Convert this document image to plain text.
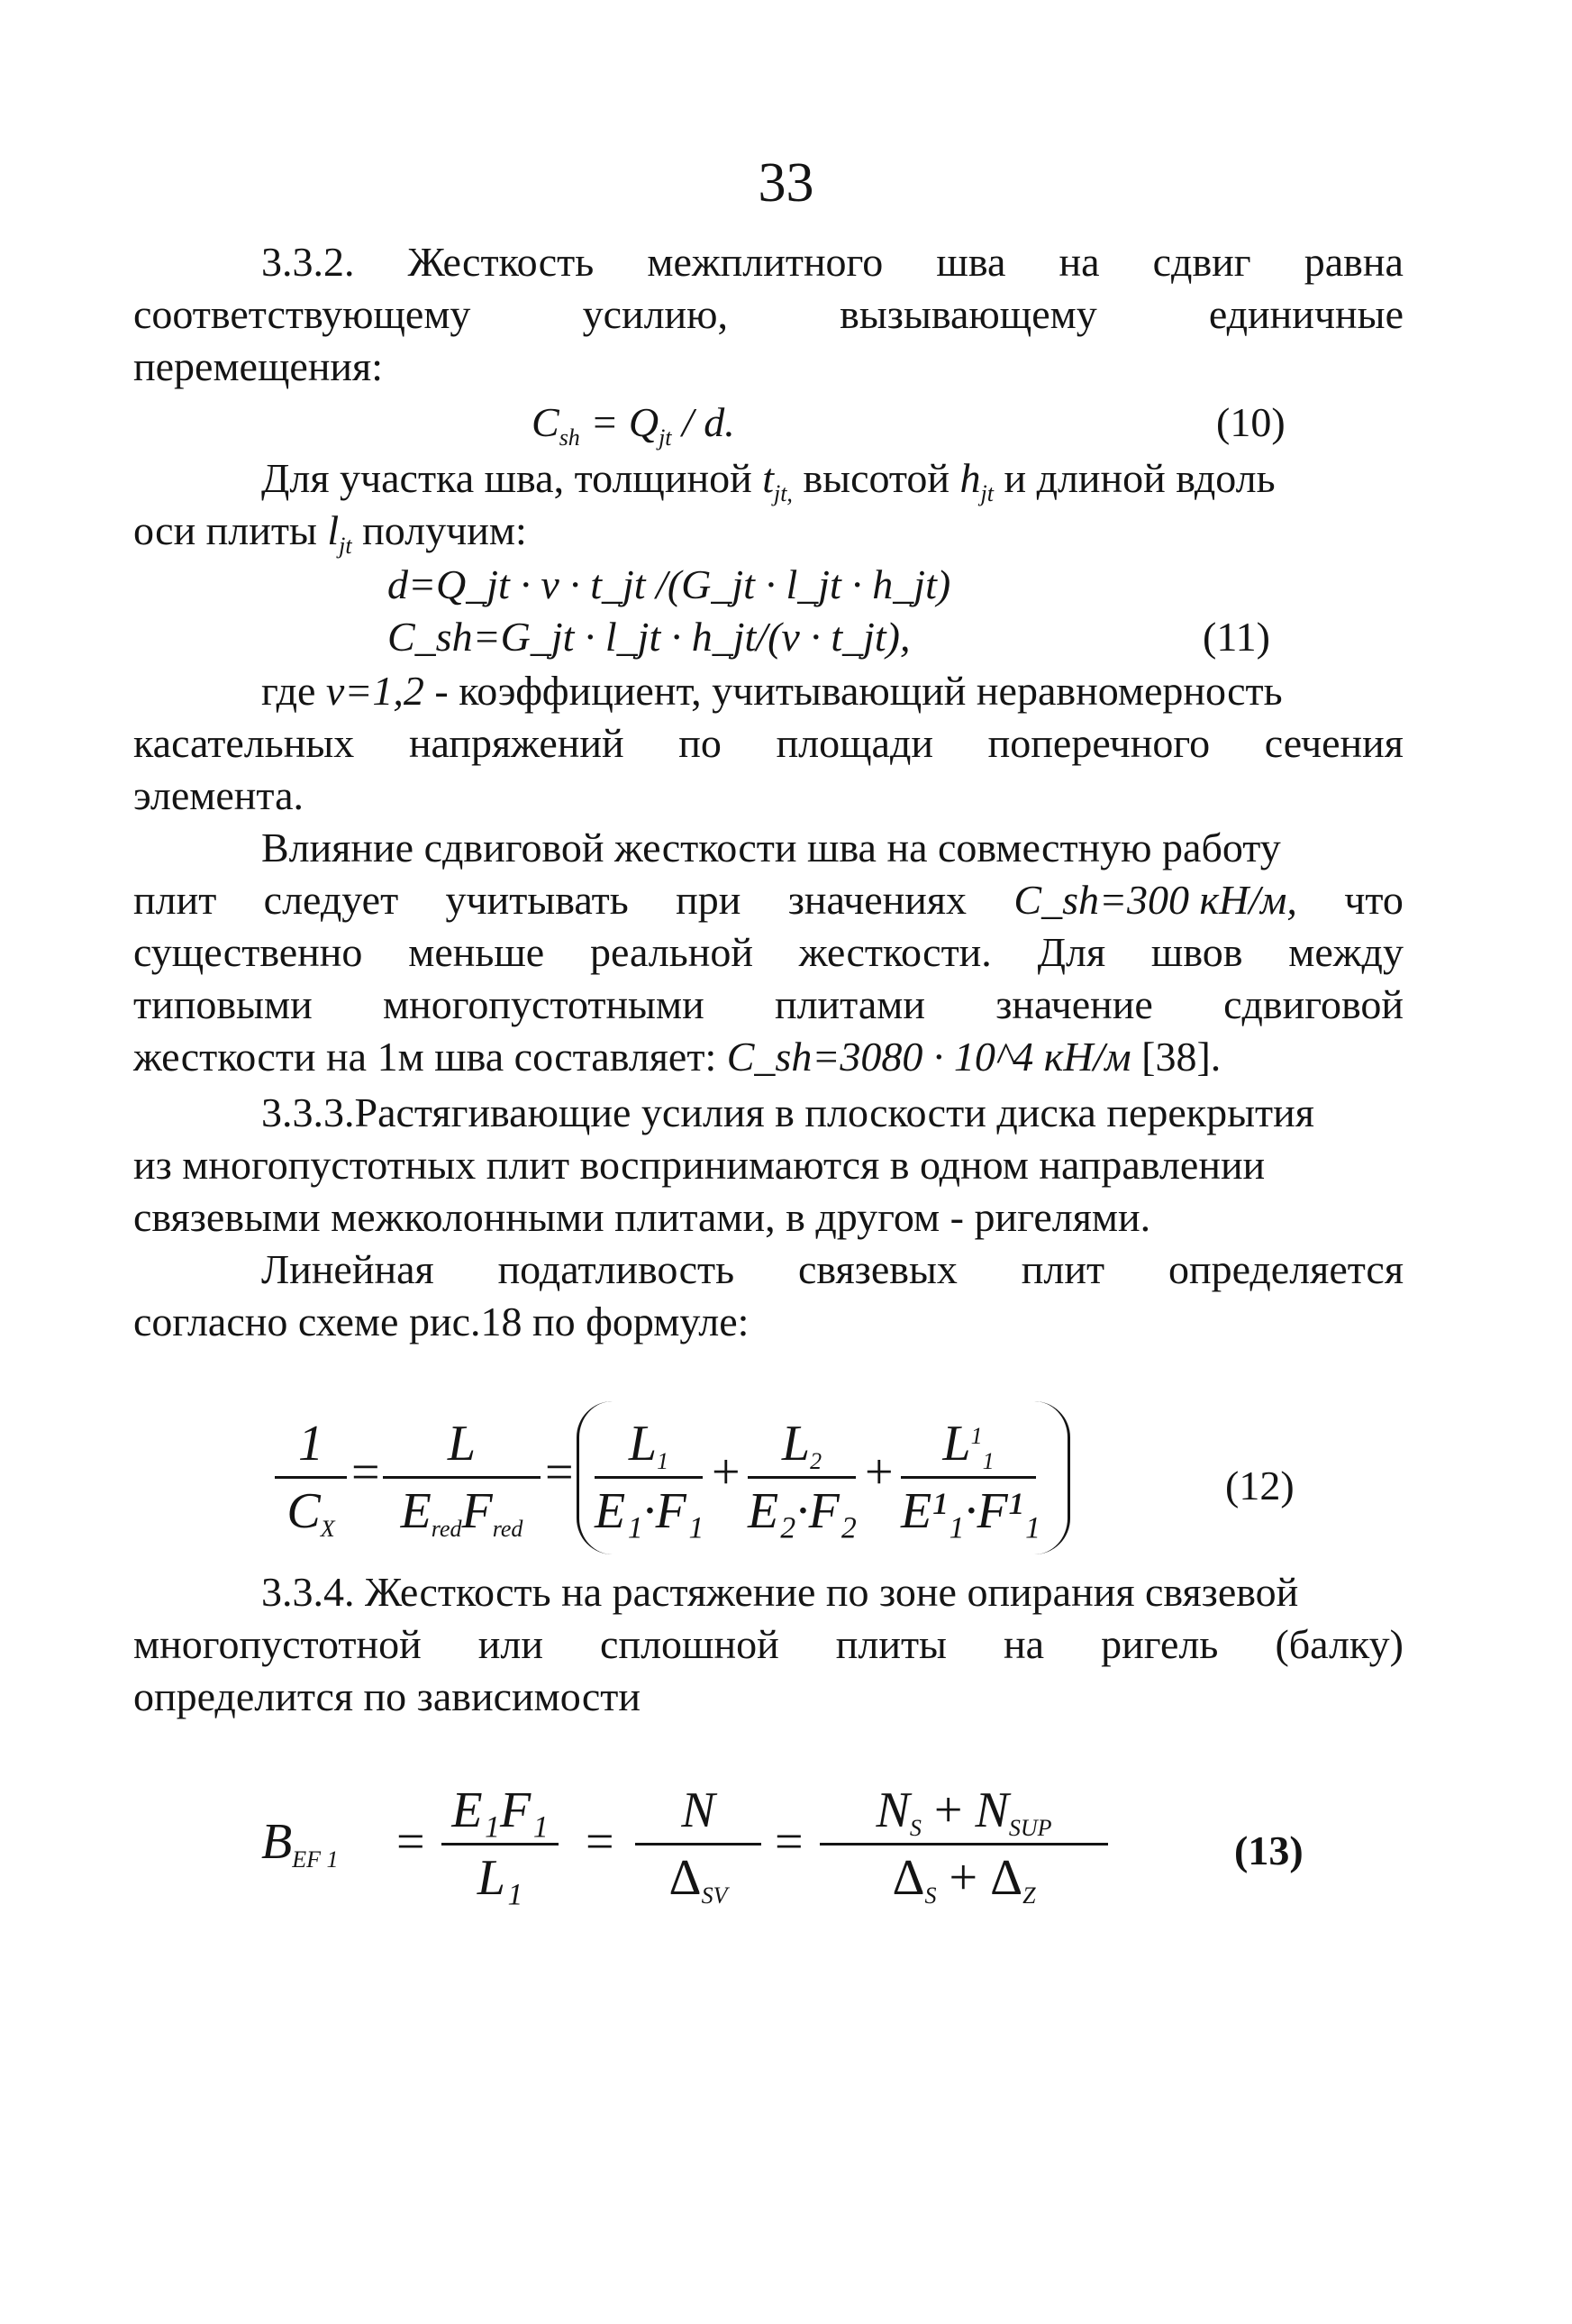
33
3.3.2. Жесткость межплитного шва на сдвиг равна
соответствующему	усилию,	вызывающему	единичные
перемещения:
$C_{sh} = Q_{jt} / d$.	(10)
Для участка шва, толщиной $t_{jt,}$ высотой $h_{jt}$ и длиной вдоль
оси плиты $l_{jt}$ получим:
d=Q_jt · v · t_jt /(G_jt · l_jt · h_jt)
C_sh=G_jt · l_jt · h_jt/(v · t_jt),	(11)
где v=1,2 - коэффициент, учитывающий неравномерность
касательных напряжений по площади поперечного сечения
элемента.
Влияние сдвиговой жесткости шва на совместную работу
плит следует учитывать при значениях C_sh=300 кН/м, что
существенно меньше реальной жесткости. Для швов между
типовыми многопустотными плитами значение сдвиговой
жесткости на 1м шва составляет: C_sh=3080 · 10^4 кН/м [38].
3.3.3.Растягивающие усилия в плоскости диска перекрытия
из многопустотных плит воспринимаются в одном направлении
связевыми межколонными плитами, в другом - ригелями.
Линейная податливость связевых плит определяется
согласно схеме рис.18 по формуле:
1
$C_X$
=
L
$E_{red}F_{red}$
=
$L_1$
E₁·F₁
+
$L_2$
E₂·F₂
+
$L^1_1$
E¹₁·F¹₁	(12)
3.3.4. Жесткость на растяжение по зоне опирания связевой
многопустотной или сплошной плиты на ригель (балку)
определится по зависимости
$B_{EF 1}$ =
E₁F₁
L₁
=
N
$\Delta_{SV}$
=
$N_S + N_{SUP}$
$\Delta_S + \Delta_Z$
(13)
